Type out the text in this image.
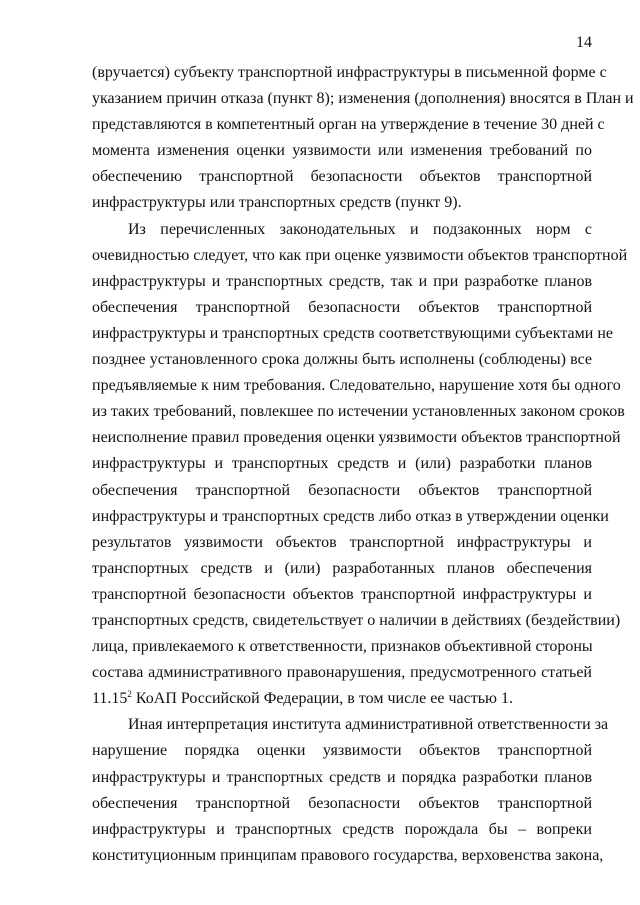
14
(вручается) субъекту транспортной инфраструктуры в письменной форме с
указанием причин отказа (пункт 8); изменения (дополнения) вносятся в План и
представляются в компетентный орган на утверждение в течение 30 дней с
момента изменения оценки уязвимости или изменения требований по
обеспечению транспортной безопасности объектов транспортной
инфраструктуры или транспортных средств (пункт 9).
Из перечисленных законодательных и подзаконных норм с
очевидностью следует, что как при оценке уязвимости объектов транспортной
инфраструктуры и транспортных средств, так и при разработке планов
обеспечения транспортной безопасности объектов транспортной
инфраструктуры и транспортных средств соответствующими субъектами не
позднее установленного срока должны быть исполнены (соблюдены) все
предъявляемые к ним требования. Следовательно, нарушение хотя бы одного
из таких требований, повлекшее по истечении установленных законом сроков
неисполнение правил проведения оценки уязвимости объектов транспортной
инфраструктуры и транспортных средств и (или) разработки планов
обеспечения транспортной безопасности объектов транспортной
инфраструктуры и транспортных средств либо отказ в утверждении оценки
результатов уязвимости объектов транспортной инфраструктуры и
транспортных средств и (или) разработанных планов обеспечения
транспортной безопасности объектов транспортной инфраструктуры и
транспортных средств, свидетельствует о наличии в действиях (бездействии)
лица, привлекаемого к ответственности, признаков объективной стороны
состава административного правонарушения, предусмотренного статьей
11.15$^2$ КоАП Российской Федерации, в том числе ее частью 1.
Иная интерпретация института административной ответственности за
нарушение порядка оценки уязвимости объектов транспортной
инфраструктуры и транспортных средств и порядка разработки планов
обеспечения транспортной безопасности объектов транспортной
инфраструктуры и транспортных средств порождала бы – вопреки
конституционным принципам правового государства, верховенства закона,
